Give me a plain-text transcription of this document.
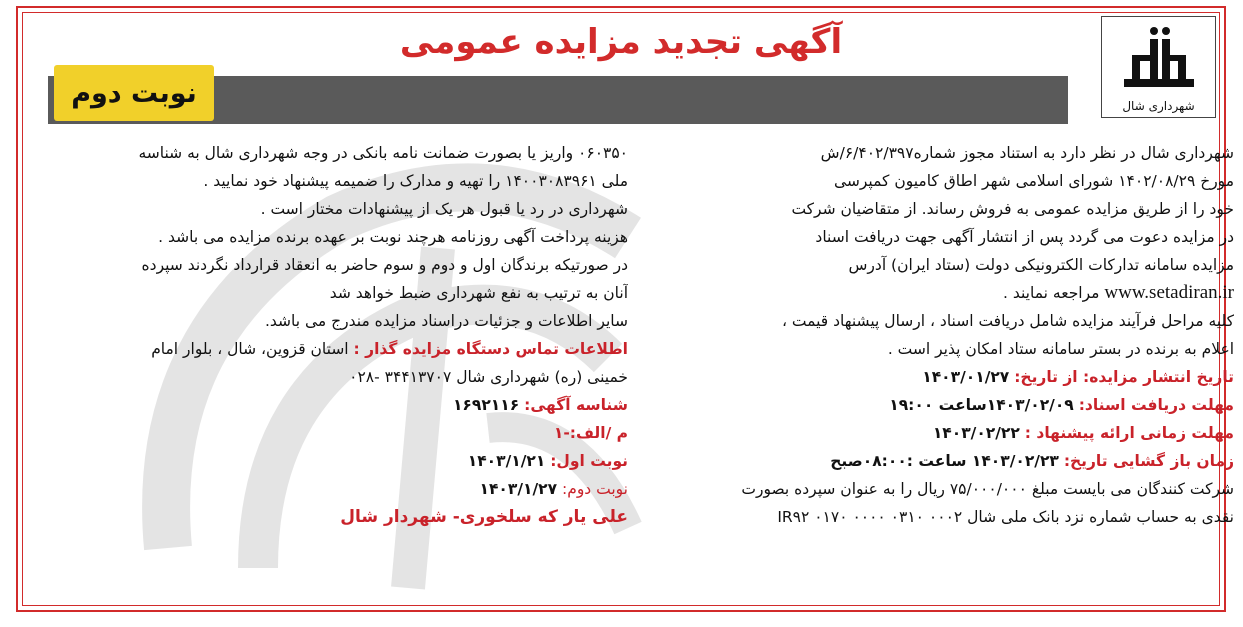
شهرداری شال
آگهی تجدید مزایده عمومی
نوبت دوم
شهرداری شال در نظر دارد به استناد مجوز شماره۶/۴۰۲/۳۹۷/ش
مورخ ۱۴۰۲/۰۸/۲۹ شورای اسلامی شهر اطاق کامیون کمپرسی
خود را از طریق مزایده عمومی به فروش رساند. از متقاضیان شرکت
در مزایده دعوت می گردد پس از انتشار آگهی جهت دریافت اسناد
مزایده سامانه تدارکات الکترونیکی دولت (ستاد ایران) آدرس
www.setadiran.ir مراجعه نمایند .
کلیه مراحل فرآیند مزایده شامل دریافت اسناد ، ارسال پیشنهاد قیمت ،
اعلام به برنده در بستر سامانه ستاد امکان پذیر است .
تاریخ انتشار مزایده: از تاریخ: ۱۴۰۳/۰۱/۲۷
مهلت دریافت اسناد: ۱۴۰۳/۰۲/۰۹ساعت ۱۹:۰۰
مهلت زمانی ارائه پیشنهاد : ۱۴۰۳/۰۲/۲۲
زمان باز گشایی تاریخ: ۱۴۰۳/۰۲/۲۳ ساعت :۰۸:۰۰صبح
شرکت کنندگان می بایست مبلغ ۷۵/۰۰۰/۰۰۰ ریال را به عنوان سپرده بصورت
نقدی به حساب شماره نزد بانک ملی شال IR۹۲ ۰۱۷۰ ۰۰۰۰ ۰۳۱۰ ۰۰۰۲
۰۶۰۳۵۰ واریز یا بصورت ضمانت نامه بانکی در وجه شهرداری شال به شناسه
ملی ۱۴۰۰۳۰۸۳۹۶۱ را تهیه و مدارک را ضمیمه پیشنهاد خود نمایید .
شهرداری در رد یا قبول هر یک از پیشنهادات مختار است .
هزینه پرداخت آگهی روزنامه هرچند نوبت بر عهده برنده مزایده می باشد .
در صورتیکه برندگان اول و دوم و سوم حاضر به انعقاد قرارداد نگردند سپرده
آنان به ترتیب به نفع شهرداری ضبط خواهد شد
سایر اطلاعات و جزئیات دراسناد مزایده مندرج می باشد.
اطلاعات تماس دستگاه مزایده گذار : استان قزوین، شال ، بلوار امام
خمینی (ره) شهرداری شال ۳۴۴۱۳۷۰۷ -۰۲۸
شناسه آگهی: ۱۶۹۲۱۱۶
م /الف:-۱
نوبت اول: ۱۴۰۳/۱/۲۱
نوبت دوم: ۱۴۰۳/۱/۲۷
علی یار که سلخوری- شهردار شال
